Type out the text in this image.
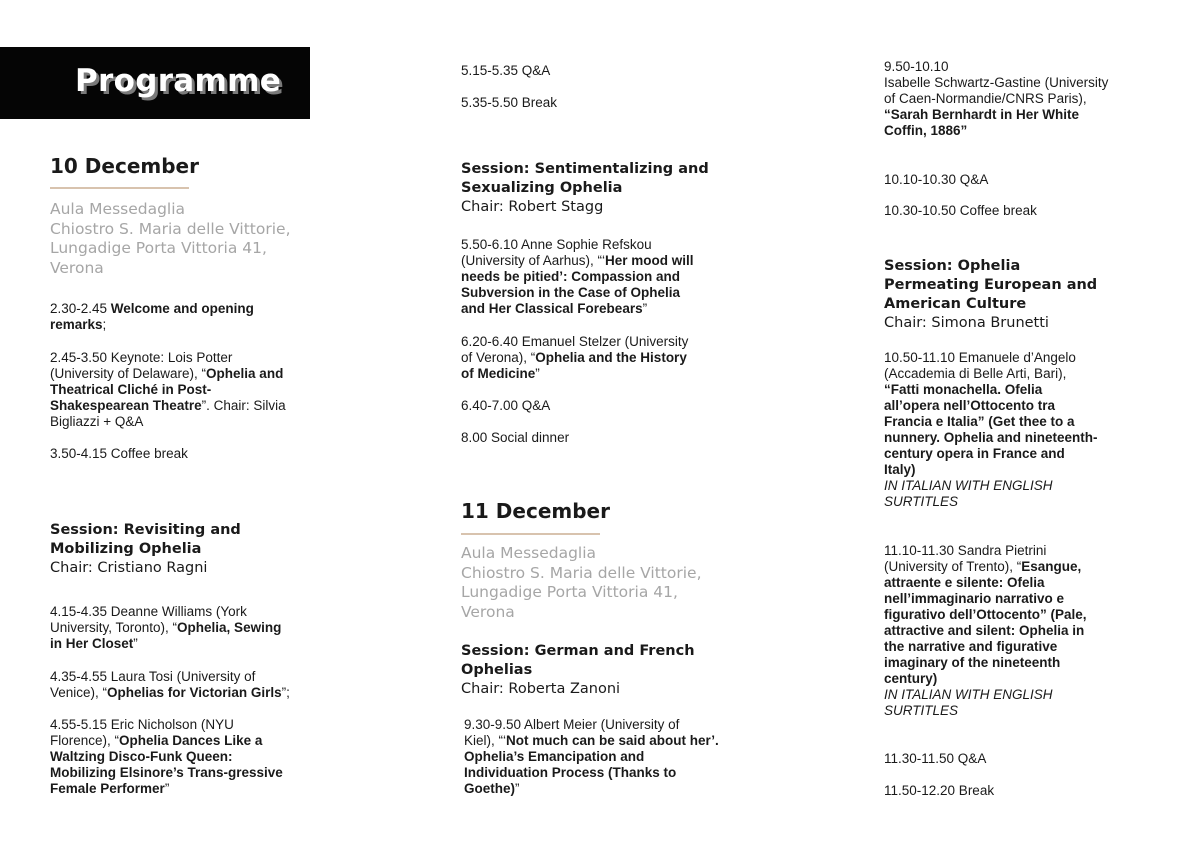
Programme
10 December
Aula Messedaglia
Chiostro S. Maria delle Vittorie,
Lungadige Porta Vittoria 41,
Verona
2.30-2.45 Welcome and opening
remarks;
2.45-3.50 Keynote: Lois Potter
(University of Delaware), “Ophelia and
Theatrical Cliché in Post-
Shakespearean Theatre”. Chair: Silvia
Bigliazzi + Q&A
3.50-4.15 Coffee break
Session: Revisiting and
Mobilizing Ophelia
Chair: Cristiano Ragni
4.15-4.35 Deanne Williams (York
University, Toronto), “Ophelia, Sewing
in Her Closet”
4.35-4.55 Laura Tosi (University of
Venice), “Ophelias for Victorian Girls”;
4.55-5.15 Eric Nicholson (NYU
Florence), “Ophelia Dances Like a
Waltzing Disco-Funk Queen:
Mobilizing Elsinore’s Trans-gressive
Female Performer”
5.15-5.35 Q&A
5.35-5.50 Break
Session: Sentimentalizing and
Sexualizing Ophelia
Chair: Robert Stagg
5.50-6.10 Anne Sophie Refskou
(University of Aarhus), “‘Her mood will
needs be pitied’: Compassion and
Subversion in the Case of Ophelia
and Her Classical Forebears”
6.20-6.40 Emanuel Stelzer (University
of Verona), “Ophelia and the History
of Medicine”
6.40-7.00 Q&A
8.00 Social dinner
11 December
Aula Messedaglia
Chiostro S. Maria delle Vittorie,
Lungadige Porta Vittoria 41,
Verona
Session: German and French
Ophelias
Chair: Roberta Zanoni
9.30-9.50 Albert Meier (University of
Kiel), “‘Not much can be said about her’.
Ophelia’s Emancipation and
Individuation Process (Thanks to
Goethe)”
9.50-10.10
Isabelle Schwartz-Gastine (University
of Caen-Normandie/CNRS Paris),
“Sarah Bernhardt in Her White
Coffin, 1886”
10.10-10.30 Q&A
10.30-10.50 Coffee break
Session: Ophelia
Permeating European and
American Culture
Chair: Simona Brunetti
10.50-11.10 Emanuele d’Angelo
(Accademia di Belle Arti, Bari),
“Fatti monachella. Ofelia
all’opera nell’Ottocento tra
Francia e Italia” (Get thee to a
nunnery. Ophelia and nineteenth-
century opera in France and
Italy)
IN ITALIAN WITH ENGLISH
SURTITLES
11.10-11.30 Sandra Pietrini
(University of Trento), “Esangue,
attraente e silente: Ofelia
nell’immaginario narrativo e
figurativo dell’Ottocento” (Pale,
attractive and silent: Ophelia in
the narrative and figurative
imaginary of the nineteenth
century)
IN ITALIAN WITH ENGLISH
SURTITLES
11.30-11.50 Q&A
11.50-12.20 Break
